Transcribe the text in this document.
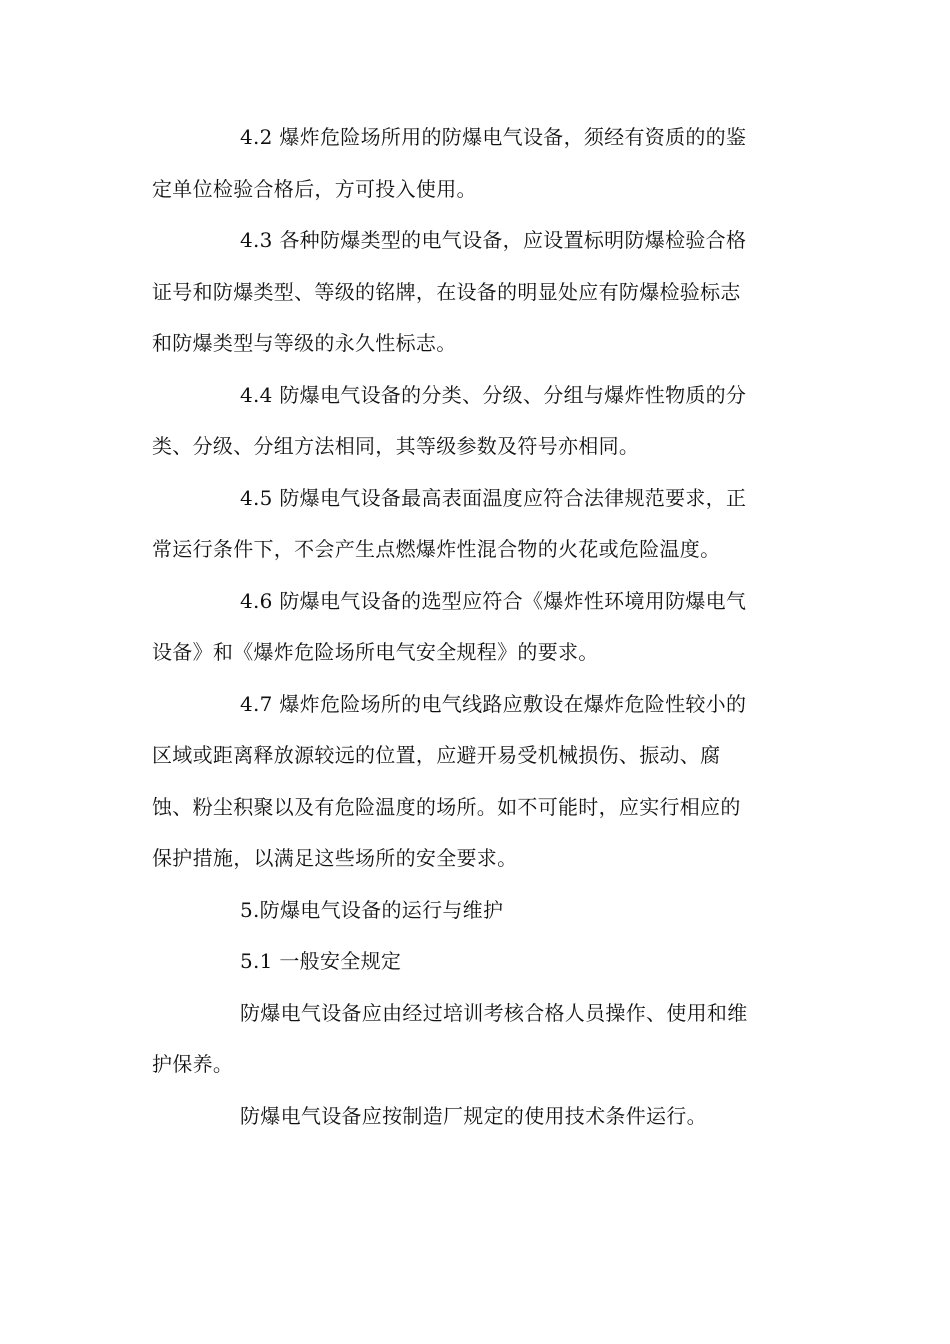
4.2 爆炸危险场所用的防爆电气设备，须经有资质的的鉴
定单位检验合格后，方可投入使用。

4.3 各种防爆类型的电气设备，应设置标明防爆检验合格
证号和防爆类型、等级的铭牌，在设备的明显处应有防爆检验标志
和防爆类型与等级的永久性标志。

4.4 防爆电气设备的分类、分级、分组与爆炸性物质的分
类、分级、分组方法相同，其等级参数及符号亦相同。

4.5 防爆电气设备最高表面温度应符合法律规范要求，正
常运行条件下，不会产生点燃爆炸性混合物的火花或危险温度。

4.6 防爆电气设备的选型应符合《爆炸性环境用防爆电气
设备》和《爆炸危险场所电气安全规程》的要求。

4.7 爆炸危险场所的电气线路应敷设在爆炸危险性较小的
区域或距离释放源较远的位置，应避开易受机械损伤、振动、腐
蚀、粉尘积聚以及有危险温度的场所。如不可能时，应实行相应的
保护措施，以满足这些场所的安全要求。

5.防爆电气设备的运行与维护

5.1 一般安全规定

防爆电气设备应由经过培训考核合格人员操作、使用和维
护保养。

防爆电气设备应按制造厂规定的使用技术条件运行。
